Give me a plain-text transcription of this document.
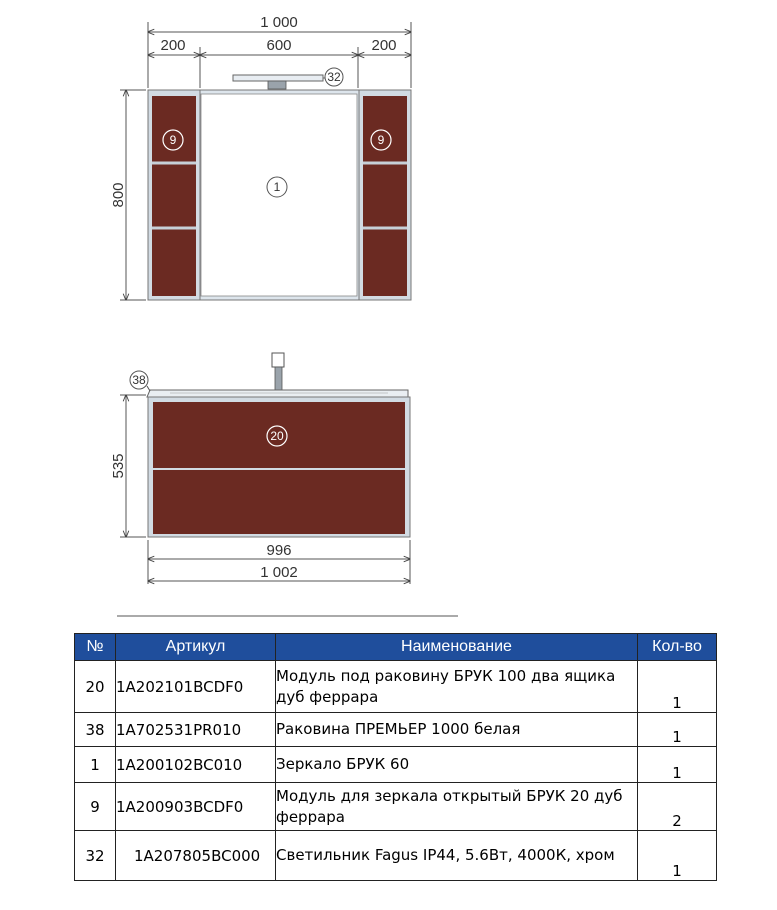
1 000
200	600	200
800
32
1
9	9
38
20
535
996
1 002
№	Артикул	Наименование	Кол-во
20	1A202101BCDF0	Модуль под раковину БРУК 100 два ящика дуб феррара	1
38	1A702531PR010	Раковина ПРЕМЬЕР 1000 белая	1
1	1A200102BC010	Зеркало БРУК 60	1
9	1A200903BCDF0	Модуль для зеркала открытый БРУК 20 дуб феррара	2
32	1A207805BC000	Светильник Fagus IP44, 5.6Вт, 4000К, хром	1
